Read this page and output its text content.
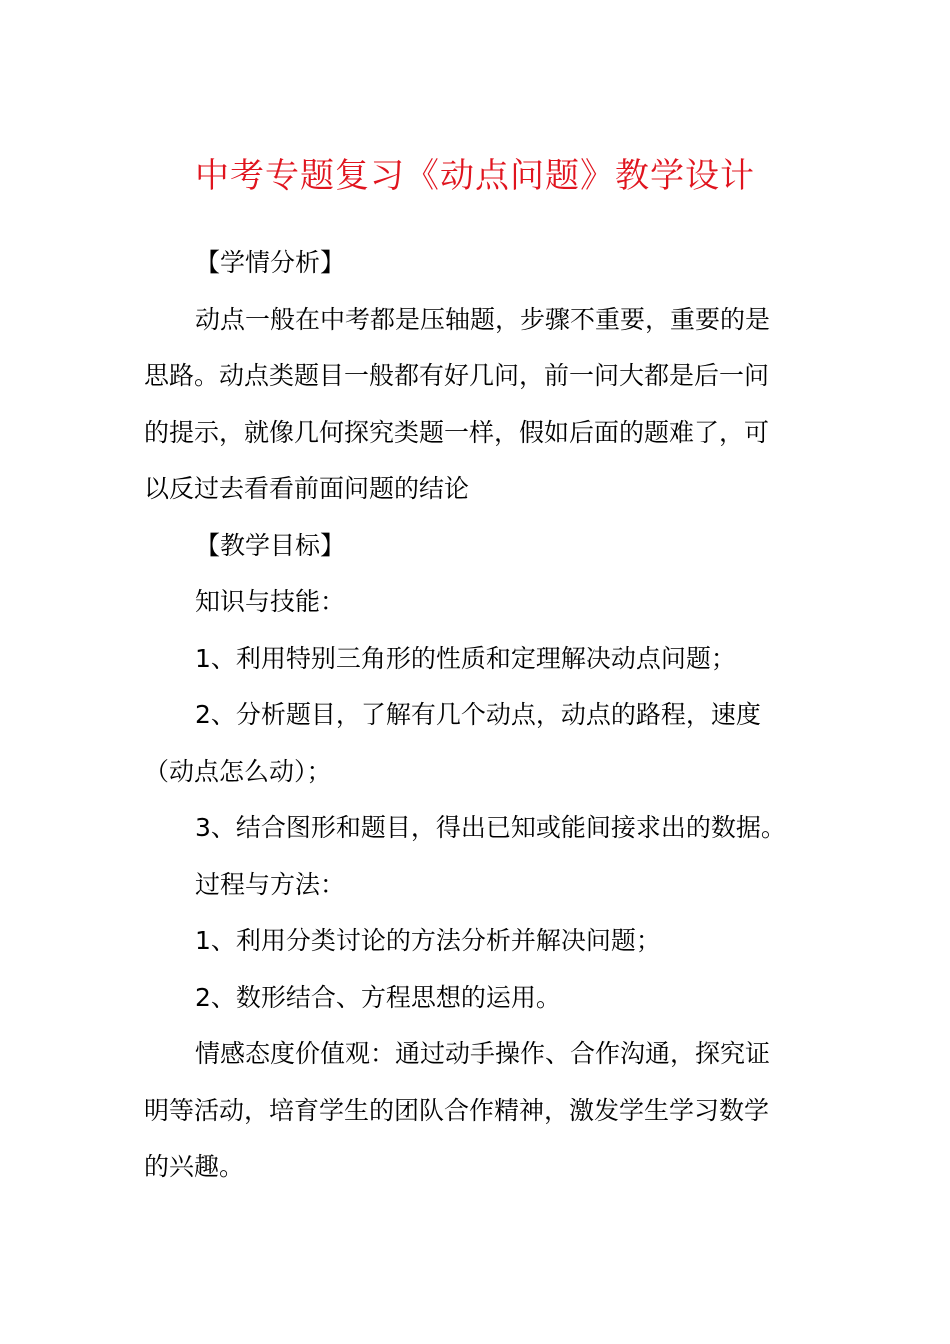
中考专题复习《动点问题》教学设计
【学情分析】
动点一般在中考都是压轴题，步骤不重要，重要的是
思路。动点类题目一般都有好几问，前一问大都是后一问
的提示，就像几何探究类题一样，假如后面的题难了，可
以反过去看看前面问题的结论
【教学目标】
知识与技能：
1、利用特别三角形的性质和定理解决动点问题；
2、分析题目，了解有几个动点，动点的路程，速度
（动点怎么动）；
3、结合图形和题目，得出已知或能间接求出的数据。
过程与方法：
1、利用分类讨论的方法分析并解决问题；
2、数形结合、方程思想的运用。
情感态度价值观：通过动手操作、合作沟通，探究证
明等活动，培育学生的团队合作精神，激发学生学习数学
的兴趣。
